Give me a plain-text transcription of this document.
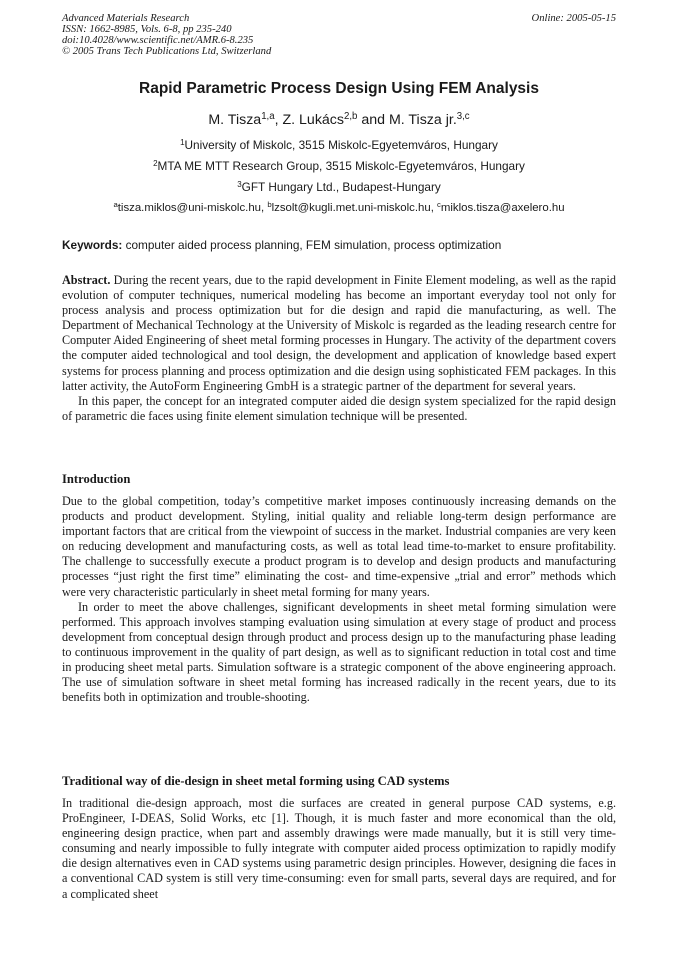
Advanced Materials Research
ISSN: 1662-8985, Vols. 6-8, pp 235-240
doi:10.4028/www.scientific.net/AMR.6-8.235
© 2005 Trans Tech Publications Ltd, Switzerland
Online: 2005-05-15
Rapid Parametric Process Design Using FEM Analysis
M. Tisza$^{1,a}$, Z. Lukács$^{2,b}$ and M. Tisza jr.$^{3,c}$
$^1$University of Miskolc, 3515 Miskolc-Egyetemváros, Hungary
$^2$MTA ME MTT Research Group, 3515 Miskolc-Egyetemváros, Hungary
$^3$GFT Hungary Ltd., Budapest-Hungary
$^a$tisza.miklos@uni-miskolc.hu, $^b$lzsolt@kugli.met.uni-miskolc.hu, $^c$miklos.tisza@axelero.hu
Keywords: computer aided process planning, FEM simulation, process optimization

Abstract. During the recent years, due to the rapid development in Finite Element modeling, as well as the rapid evolution of computer techniques, numerical modeling has become an important everyday tool not only for process analysis and process optimization but for die design and rapid die manufacturing, as well. The Department of Mechanical Technology at the University of Miskolc is regarded as the leading research centre for Computer Aided Engineering of sheet metal forming processes in Hungary. The activity of the department covers the computer aided technological and tool design, the development and application of knowledge based expert systems for process planning and process optimization and die design using sophisticated FEM packages. In this latter activity, the AutoForm Engineering GmbH is a strategic partner of the department for several years.

In this paper, the concept for an integrated computer aided die design system specialized for the rapid design of parametric die faces using finite element simulation technique will be presented.

Introduction

Due to the global competition, today’s competitive market imposes continuously increasing demands on the products and product development. Styling, initial quality and reliable long-term design performance are important factors that are critical from the viewpoint of success in the market. Industrial companies are very keen on reducing development and manufacturing costs, as well as total lead time-to-market to ensure profitability. The challenge to successfully execute a product program is to develop and design products and manufacturing processes “just right the first time” eliminating the cost- and time-expensive „trial and error” methods which were very characteristic particularly in sheet metal forming for many years.

In order to meet the above challenges, significant developments in sheet metal forming simulation were performed. This approach involves stamping evaluation using simulation at every stage of product and process development from conceptual design through product and process design up to the manufacturing phase leading to continuous improvement in the quality of part design, as well as to significant reduction in total cost and time in producing sheet metal parts. Simulation software is a strategic component of the above engineering approach. The use of simulation software in sheet metal forming has increased radically in the recent years, due to its benefits both in optimization and trouble-shooting.

Traditional way of die-design in sheet metal forming using CAD systems

In traditional die-design approach, most die surfaces are created in general purpose CAD systems, e.g. ProEngineer, I-DEAS, Solid Works, etc [1]. Though, it is much faster and more economical than the old, engineering design practice, when part and assembly drawings were made manually, but it is still very time-consuming and nearly impossible to fully integrate with computer aided process optimization to rapidly modify die design alternatives even in CAD systems using parametric design principles. However, designing die faces in a conventional CAD system is still very time-consuming: even for small parts, several days are required, and for a complicated sheet
